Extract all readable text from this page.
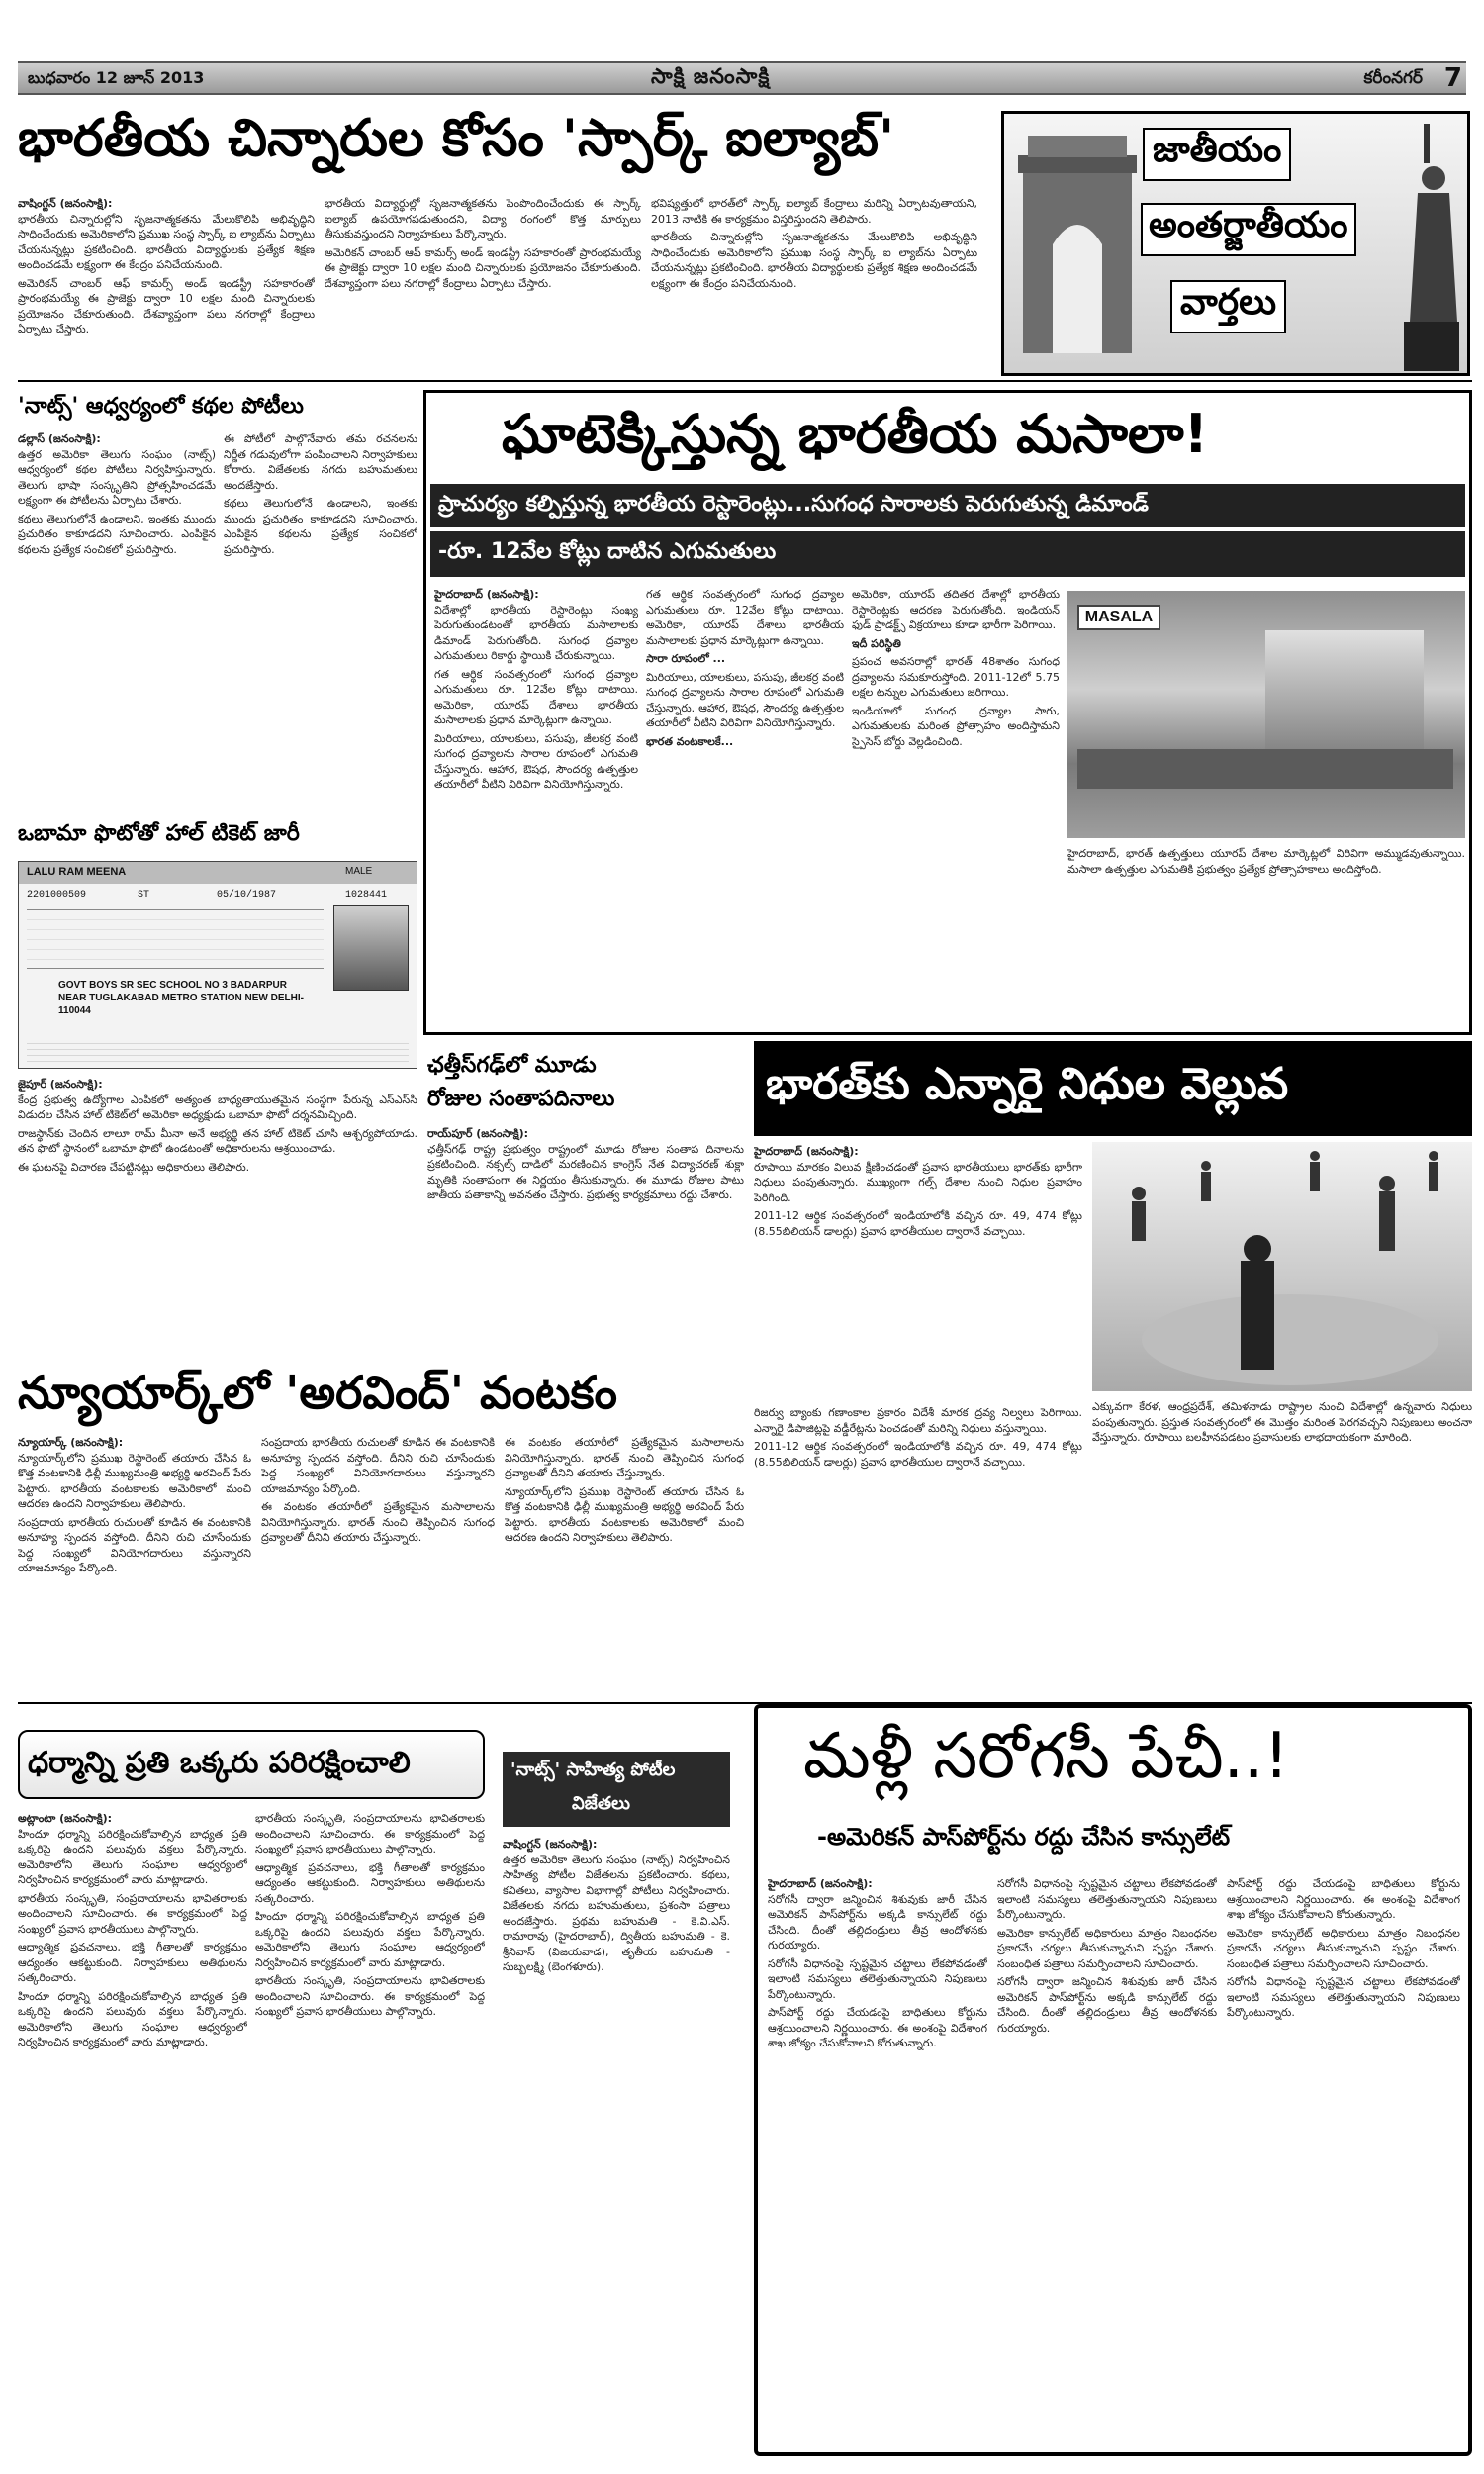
బుధవారం 12 జూన్ 2013	సాక్షి జనంసాక్షి	కరీంనగర్ 7
భారతీయ చిన్నారుల కోసం 'స్పార్క్ ఐల్యాబ్'
వాషింగ్టన్ (జనంసాక్షి):

భారతీయ చిన్నారుల్లోని సృజనాత్మకతను మేలుకొలిపి అభివృద్ధిని సాధించేందుకు అమెరికాలోని ప్రముఖ సంస్థ స్పార్క్ ఐ ల్యాబ్‌ను ఏర్పాటు చేయనున్నట్లు ప్రకటించింది. భారతీయ విద్యార్థులకు ప్రత్యేక శిక్షణ అందించడమే లక్ష్యంగా ఈ కేంద్రం పనిచేయనుంది.

అమెరికన్ చాంబర్ ఆఫ్ కామర్స్ అండ్ ఇండస్ట్రీ సహకారంతో ప్రారంభమయ్యే ఈ ప్రాజెక్టు ద్వారా 10 లక్షల మంది చిన్నారులకు ప్రయోజనం చేకూరుతుంది. దేశవ్యాప్తంగా పలు నగరాల్లో కేంద్రాలు ఏర్పాటు చేస్తారు.

భారతీయ విద్యార్థుల్లో సృజనాత్మకతను పెంపొందించేందుకు ఈ స్పార్క్ ఐల్యాబ్ ఉపయోగపడుతుందని, విద్యా రంగంలో కొత్త మార్పులు తీసుకువస్తుందని నిర్వాహకులు పేర్కొన్నారు.

అమెరికన్ చాంబర్ ఆఫ్ కామర్స్ అండ్ ఇండస్ట్రీ సహకారంతో ప్రారంభమయ్యే ఈ ప్రాజెక్టు ద్వారా 10 లక్షల మంది చిన్నారులకు ప్రయోజనం చేకూరుతుంది. దేశవ్యాప్తంగా పలు నగరాల్లో కేంద్రాలు ఏర్పాటు చేస్తారు.

భవిష్యత్తులో భారత్‌లో స్పార్క్ ఐల్యాబ్ కేంద్రాలు మరిన్ని ఏర్పాటవుతాయని, 2013 నాటికి ఈ కార్యక్రమం విస్తరిస్తుందని తెలిపారు.

భారతీయ చిన్నారుల్లోని సృజనాత్మకతను మేలుకొలిపి అభివృద్ధిని సాధించేందుకు అమెరికాలోని ప్రముఖ సంస్థ స్పార్క్ ఐ ల్యాబ్‌ను ఏర్పాటు చేయనున్నట్లు ప్రకటించింది. భారతీయ విద్యార్థులకు ప్రత్యేక శిక్షణ అందించడమే లక్ష్యంగా ఈ కేంద్రం పనిచేయనుంది.

జాతీయం
అంతర్జాతీయం
వార్తలు
'నాట్స్' ఆధ్వర్యంలో కథల పోటీలు
డల్లాస్ (జనంసాక్షి):

ఉత్తర అమెరికా తెలుగు సంఘం (నాట్స్) ఆధ్వర్యంలో కథల పోటీలు నిర్వహిస్తున్నారు. తెలుగు భాషా సంస్కృతిని ప్రోత్సహించడమే లక్ష్యంగా ఈ పోటీలను ఏర్పాటు చేశారు.

కథలు తెలుగులోనే ఉండాలని, ఇంతకు ముందు ప్రచురితం కాకూడదని సూచించారు. ఎంపికైన కథలను ప్రత్యేక సంచికలో ప్రచురిస్తారు.

ఈ పోటీలో పాల్గొనేవారు తమ రచనలను నిర్ణీత గడువులోగా పంపించాలని నిర్వాహకులు కోరారు. విజేతలకు నగదు బహుమతులు అందజేస్తారు.

కథలు తెలుగులోనే ఉండాలని, ఇంతకు ముందు ప్రచురితం కాకూడదని సూచించారు. ఎంపికైన కథలను ప్రత్యేక సంచికలో ప్రచురిస్తారు.

ఒబామా ఫొటోతో హాల్ టికెట్ జారీ
LALU RAM MEENA	MALE
2201000509	ST	05/10/1987	1028441
GOVT BOYS SR SEC SCHOOL NO 3 BADARPUR NEAR TUGLAKABAD METRO STATION NEW DELHI-110044
జైపూర్ (జనంసాక్షి):

కేంద్ర ప్రభుత్వ ఉద్యోగాల ఎంపికలో అత్యంత బాధ్యతాయుతమైన సంస్థగా పేరున్న ఎస్ఎస్‌సి విడుదల చేసిన హాల్ టికెట్‌లో అమెరికా అధ్యక్షుడు ఒబామా ఫొటో దర్శనమిచ్చింది.

రాజస్థాన్‌కు చెందిన లాలూ రామ్ మీనా అనే అభ్యర్థి తన హాల్ టికెట్ చూసి ఆశ్చర్యపోయాడు. తన ఫొటో స్థానంలో ఒబామా ఫొటో ఉండటంతో అధికారులను ఆశ్రయించాడు.

ఈ ఘటనపై విచారణ చేపట్టినట్లు అధికారులు తెలిపారు.

ఘాటెక్కిస్తున్న భారతీయ మసాలా!
ప్రాచుర్యం కల్పిస్తున్న భారతీయ రెస్టారెంట్లు...సుగంధ సారాలకు పెరుగుతున్న డిమాండ్
-రూ. 12వేల కోట్లు దాటిన ఎగుమతులు
హైదరాబాద్ (జనంసాక్షి):

విదేశాల్లో భారతీయ రెస్టారెంట్లు సంఖ్య పెరుగుతుండటంతో భారతీయ మసాలాలకు డిమాండ్ పెరుగుతోంది. సుగంధ ద్రవ్యాల ఎగుమతులు రికార్డు స్థాయికి చేరుకున్నాయి.

గత ఆర్థిక సంవత్సరంలో సుగంధ ద్రవ్యాల ఎగుమతులు రూ. 12వేల కోట్లు దాటాయి. అమెరికా, యూరప్ దేశాలు భారతీయ మసాలాలకు ప్రధాన మార్కెట్లుగా ఉన్నాయి.

మిరియాలు, యాలకులు, పసుపు, జీలకర్ర వంటి సుగంధ ద్రవ్యాలను సారాల రూపంలో ఎగుమతి చేస్తున్నారు. ఆహార, ఔషధ, సౌందర్య ఉత్పత్తుల తయారీలో వీటిని విరివిగా వినియోగిస్తున్నారు.

గత ఆర్థిక సంవత్సరంలో సుగంధ ద్రవ్యాల ఎగుమతులు రూ. 12వేల కోట్లు దాటాయి. అమెరికా, యూరప్ దేశాలు భారతీయ మసాలాలకు ప్రధాన మార్కెట్లుగా ఉన్నాయి.

సారా రూపంలో ...

మిరియాలు, యాలకులు, పసుపు, జీలకర్ర వంటి సుగంధ ద్రవ్యాలను సారాల రూపంలో ఎగుమతి చేస్తున్నారు. ఆహార, ఔషధ, సౌందర్య ఉత్పత్తుల తయారీలో వీటిని విరివిగా వినియోగిస్తున్నారు.

భారత వంటకాలకే...

అమెరికా, యూరప్ తదితర దేశాల్లో భారతీయ రెస్టారెంట్లకు ఆదరణ పెరుగుతోంది. ఇండియన్ ఫుడ్ ప్రాడక్ట్స్ విక్రయాలు కూడా భారీగా పెరిగాయి.

ఇదీ పరిస్థితి

ప్రపంచ అవసరాల్లో భారత్ 48శాతం సుగంధ ద్రవ్యాలను సమకూరుస్తోంది. 2011-12లో 5.75 లక్షల టన్నుల ఎగుమతులు జరిగాయి.

ఇండియాలో సుగంధ ద్రవ్యాల సాగు, ఎగుమతులకు మరింత ప్రోత్సాహం అందిస్తామని స్పైసెస్ బోర్డు వెల్లడించింది.

MASALA

హైదరాబాద్, భారత్ ఉత్పత్తులు యూరప్ దేశాల మార్కెట్లలో విరివిగా అమ్ముడవుతున్నాయి. మసాలా ఉత్పత్తుల ఎగుమతికి ప్రభుత్వం ప్రత్యేక ప్రోత్సాహకాలు అందిస్తోంది.

ఛత్తీస్‌గఢ్‌లో మూడు
రోజుల సంతాపదినాలు
రాయ్‌పూర్ (జనంసాక్షి):

ఛత్తీస్‌గఢ్ రాష్ట్ర ప్రభుత్వం రాష్ట్రంలో మూడు రోజుల సంతాప దినాలను ప్రకటించింది. నక్సల్స్ దాడిలో మరణించిన కాంగ్రెస్ నేత విద్యాచరణ్ శుక్లా మృతికి సంతాపంగా ఈ నిర్ణయం తీసుకున్నారు. ఈ మూడు రోజుల పాటు జాతీయ పతాకాన్ని అవనతం చేస్తారు. ప్రభుత్వ కార్యక్రమాలు రద్దు చేశారు.

భారత్‌కు ఎన్నారై నిధుల వెల్లువ
హైదరాబాద్ (జనంసాక్షి):

రూపాయి మారకం విలువ క్షీణించడంతో ప్రవాస భారతీయులు భారత్‌కు భారీగా నిధులు పంపుతున్నారు. ముఖ్యంగా గల్ఫ్ దేశాల నుంచి నిధుల ప్రవాహం పెరిగింది.

2011-12 ఆర్థిక సంవత్సరంలో ఇండియాలోకి వచ్చిన రూ. 49, 474 కోట్లు (8.55బిలియన్ డాలర్లు) ప్రవాస భారతీయుల ద్వారానే వచ్చాయి.

రిజర్వు బ్యాంకు గణాంకాల ప్రకారం విదేశీ మారక ద్రవ్య నిల్వలు పెరిగాయి. ఎన్నారై డిపాజిట్లపై వడ్డీరేట్లను పెంచడంతో మరిన్ని నిధులు వస్తున్నాయి.

2011-12 ఆర్థిక సంవత్సరంలో ఇండియాలోకి వచ్చిన రూ. 49, 474 కోట్లు (8.55బిలియన్ డాలర్లు) ప్రవాస భారతీయుల ద్వారానే వచ్చాయి.

ఎక్కువగా కేరళ, ఆంధ్రప్రదేశ్, తమిళనాడు రాష్ట్రాల నుంచి విదేశాల్లో ఉన్నవారు నిధులు పంపుతున్నారు. ప్రస్తుత సంవత్సరంలో ఈ మొత్తం మరింత పెరగవచ్చని నిపుణులు అంచనా వేస్తున్నారు. రూపాయి బలహీనపడటం ప్రవాసులకు లాభదాయకంగా మారింది.

న్యూయార్క్‌లో 'అరవింద్' వంటకం
న్యూయార్క్ (జనంసాక్షి):

న్యూయార్క్‌లోని ప్రముఖ రెస్టారెంట్ తయారు చేసిన ఓ కొత్త వంటకానికి ఢిల్లీ ముఖ్యమంత్రి అభ్యర్థి అరవింద్ పేరు పెట్టారు. భారతీయ వంటకాలకు అమెరికాలో మంచి ఆదరణ ఉందని నిర్వాహకులు తెలిపారు.

సంప్రదాయ భారతీయ రుచులతో కూడిన ఈ వంటకానికి అనూహ్య స్పందన వస్తోంది. దీనిని రుచి చూసేందుకు పెద్ద సంఖ్యలో వినియోగదారులు వస్తున్నారని యాజమాన్యం పేర్కొంది.

సంప్రదాయ భారతీయ రుచులతో కూడిన ఈ వంటకానికి అనూహ్య స్పందన వస్తోంది. దీనిని రుచి చూసేందుకు పెద్ద సంఖ్యలో వినియోగదారులు వస్తున్నారని యాజమాన్యం పేర్కొంది.

ఈ వంటకం తయారీలో ప్రత్యేకమైన మసాలాలను వినియోగిస్తున్నారు. భారత్ నుంచి తెప్పించిన సుగంధ ద్రవ్యాలతో దీనిని తయారు చేస్తున్నారు.

ఈ వంటకం తయారీలో ప్రత్యేకమైన మసాలాలను వినియోగిస్తున్నారు. భారత్ నుంచి తెప్పించిన సుగంధ ద్రవ్యాలతో దీనిని తయారు చేస్తున్నారు.

న్యూయార్క్‌లోని ప్రముఖ రెస్టారెంట్ తయారు చేసిన ఓ కొత్త వంటకానికి ఢిల్లీ ముఖ్యమంత్రి అభ్యర్థి అరవింద్ పేరు పెట్టారు. భారతీయ వంటకాలకు అమెరికాలో మంచి ఆదరణ ఉందని నిర్వాహకులు తెలిపారు.

ధర్మాన్ని ప్రతి ఒక్కరు పరిరక్షించాలి
అట్లాంటా (జనంసాక్షి):

హిందూ ధర్మాన్ని పరిరక్షించుకోవాల్సిన బాధ్యత ప్రతి ఒక్కరిపై ఉందని పలువురు వక్తలు పేర్కొన్నారు. అమెరికాలోని తెలుగు సంఘాల ఆధ్వర్యంలో నిర్వహించిన కార్యక్రమంలో వారు మాట్లాడారు.

భారతీయ సంస్కృతి, సంప్రదాయాలను భావితరాలకు అందించాలని సూచించారు. ఈ కార్యక్రమంలో పెద్ద సంఖ్యలో ప్రవాస భారతీయులు పాల్గొన్నారు.

ఆధ్యాత్మిక ప్రవచనాలు, భక్తి గీతాలతో కార్యక్రమం ఆద్యంతం ఆకట్టుకుంది. నిర్వాహకులు అతిథులను సత్కరించారు.

హిందూ ధర్మాన్ని పరిరక్షించుకోవాల్సిన బాధ్యత ప్రతి ఒక్కరిపై ఉందని పలువురు వక్తలు పేర్కొన్నారు. అమెరికాలోని తెలుగు సంఘాల ఆధ్వర్యంలో నిర్వహించిన కార్యక్రమంలో వారు మాట్లాడారు.

భారతీయ సంస్కృతి, సంప్రదాయాలను భావితరాలకు అందించాలని సూచించారు. ఈ కార్యక్రమంలో పెద్ద సంఖ్యలో ప్రవాస భారతీయులు పాల్గొన్నారు.

ఆధ్యాత్మిక ప్రవచనాలు, భక్తి గీతాలతో కార్యక్రమం ఆద్యంతం ఆకట్టుకుంది. నిర్వాహకులు అతిథులను సత్కరించారు.

హిందూ ధర్మాన్ని పరిరక్షించుకోవాల్సిన బాధ్యత ప్రతి ఒక్కరిపై ఉందని పలువురు వక్తలు పేర్కొన్నారు. అమెరికాలోని తెలుగు సంఘాల ఆధ్వర్యంలో నిర్వహించిన కార్యక్రమంలో వారు మాట్లాడారు.

భారతీయ సంస్కృతి, సంప్రదాయాలను భావితరాలకు అందించాలని సూచించారు. ఈ కార్యక్రమంలో పెద్ద సంఖ్యలో ప్రవాస భారతీయులు పాల్గొన్నారు.

'నాట్స్' సాహిత్య పోటీల
విజేతలు
వాషింగ్టన్ (జనంసాక్షి):

ఉత్తర అమెరికా తెలుగు సంఘం (నాట్స్) నిర్వహించిన సాహిత్య పోటీల విజేతలను ప్రకటించారు. కథలు, కవితలు, వ్యాసాల విభాగాల్లో పోటీలు నిర్వహించారు. విజేతలకు నగదు బహుమతులు, ప్రశంసా పత్రాలు అందజేస్తారు. ప్రథమ బహుమతి - కె.వి.ఎస్. రామారావు (హైదరాబాద్), ద్వితీయ బహుమతి - కె. శ్రీనివాస్ (విజయవాడ), తృతీయ బహుమతి - సుబ్బలక్ష్మి (బెంగళూరు).

మళ్లీ సరోగసీ పేచీ..!
-అమెరికన్ పాస్‌పోర్ట్‌ను రద్దు చేసిన కాన్సులేట్
హైదరాబాద్ (జనంసాక్షి):

సరోగసీ ద్వారా జన్మించిన శిశువుకు జారీ చేసిన అమెరికన్ పాస్‌పోర్ట్‌ను అక్కడి కాన్సులేట్ రద్దు చేసింది. దీంతో తల్లిదండ్రులు తీవ్ర ఆందోళనకు గురయ్యారు.

సరోగసీ విధానంపై స్పష్టమైన చట్టాలు లేకపోవడంతో ఇలాంటి సమస్యలు తలెత్తుతున్నాయని నిపుణులు పేర్కొంటున్నారు.

పాస్‌పోర్ట్ రద్దు చేయడంపై బాధితులు కోర్టును ఆశ్రయించాలని నిర్ణయించారు. ఈ అంశంపై విదేశాంగ శాఖ జోక్యం చేసుకోవాలని కోరుతున్నారు.

సరోగసీ విధానంపై స్పష్టమైన చట్టాలు లేకపోవడంతో ఇలాంటి సమస్యలు తలెత్తుతున్నాయని నిపుణులు పేర్కొంటున్నారు.

అమెరికా కాన్సులేట్ అధికారులు మాత్రం నిబంధనల ప్రకారమే చర్యలు తీసుకున్నామని స్పష్టం చేశారు. సంబంధిత పత్రాలు సమర్పించాలని సూచించారు.

సరోగసీ ద్వారా జన్మించిన శిశువుకు జారీ చేసిన అమెరికన్ పాస్‌పోర్ట్‌ను అక్కడి కాన్సులేట్ రద్దు చేసింది. దీంతో తల్లిదండ్రులు తీవ్ర ఆందోళనకు గురయ్యారు.

పాస్‌పోర్ట్ రద్దు చేయడంపై బాధితులు కోర్టును ఆశ్రయించాలని నిర్ణయించారు. ఈ అంశంపై విదేశాంగ శాఖ జోక్యం చేసుకోవాలని కోరుతున్నారు.

అమెరికా కాన్సులేట్ అధికారులు మాత్రం నిబంధనల ప్రకారమే చర్యలు తీసుకున్నామని స్పష్టం చేశారు. సంబంధిత పత్రాలు సమర్పించాలని సూచించారు.

సరోగసీ విధానంపై స్పష్టమైన చట్టాలు లేకపోవడంతో ఇలాంటి సమస్యలు తలెత్తుతున్నాయని నిపుణులు పేర్కొంటున్నారు.
